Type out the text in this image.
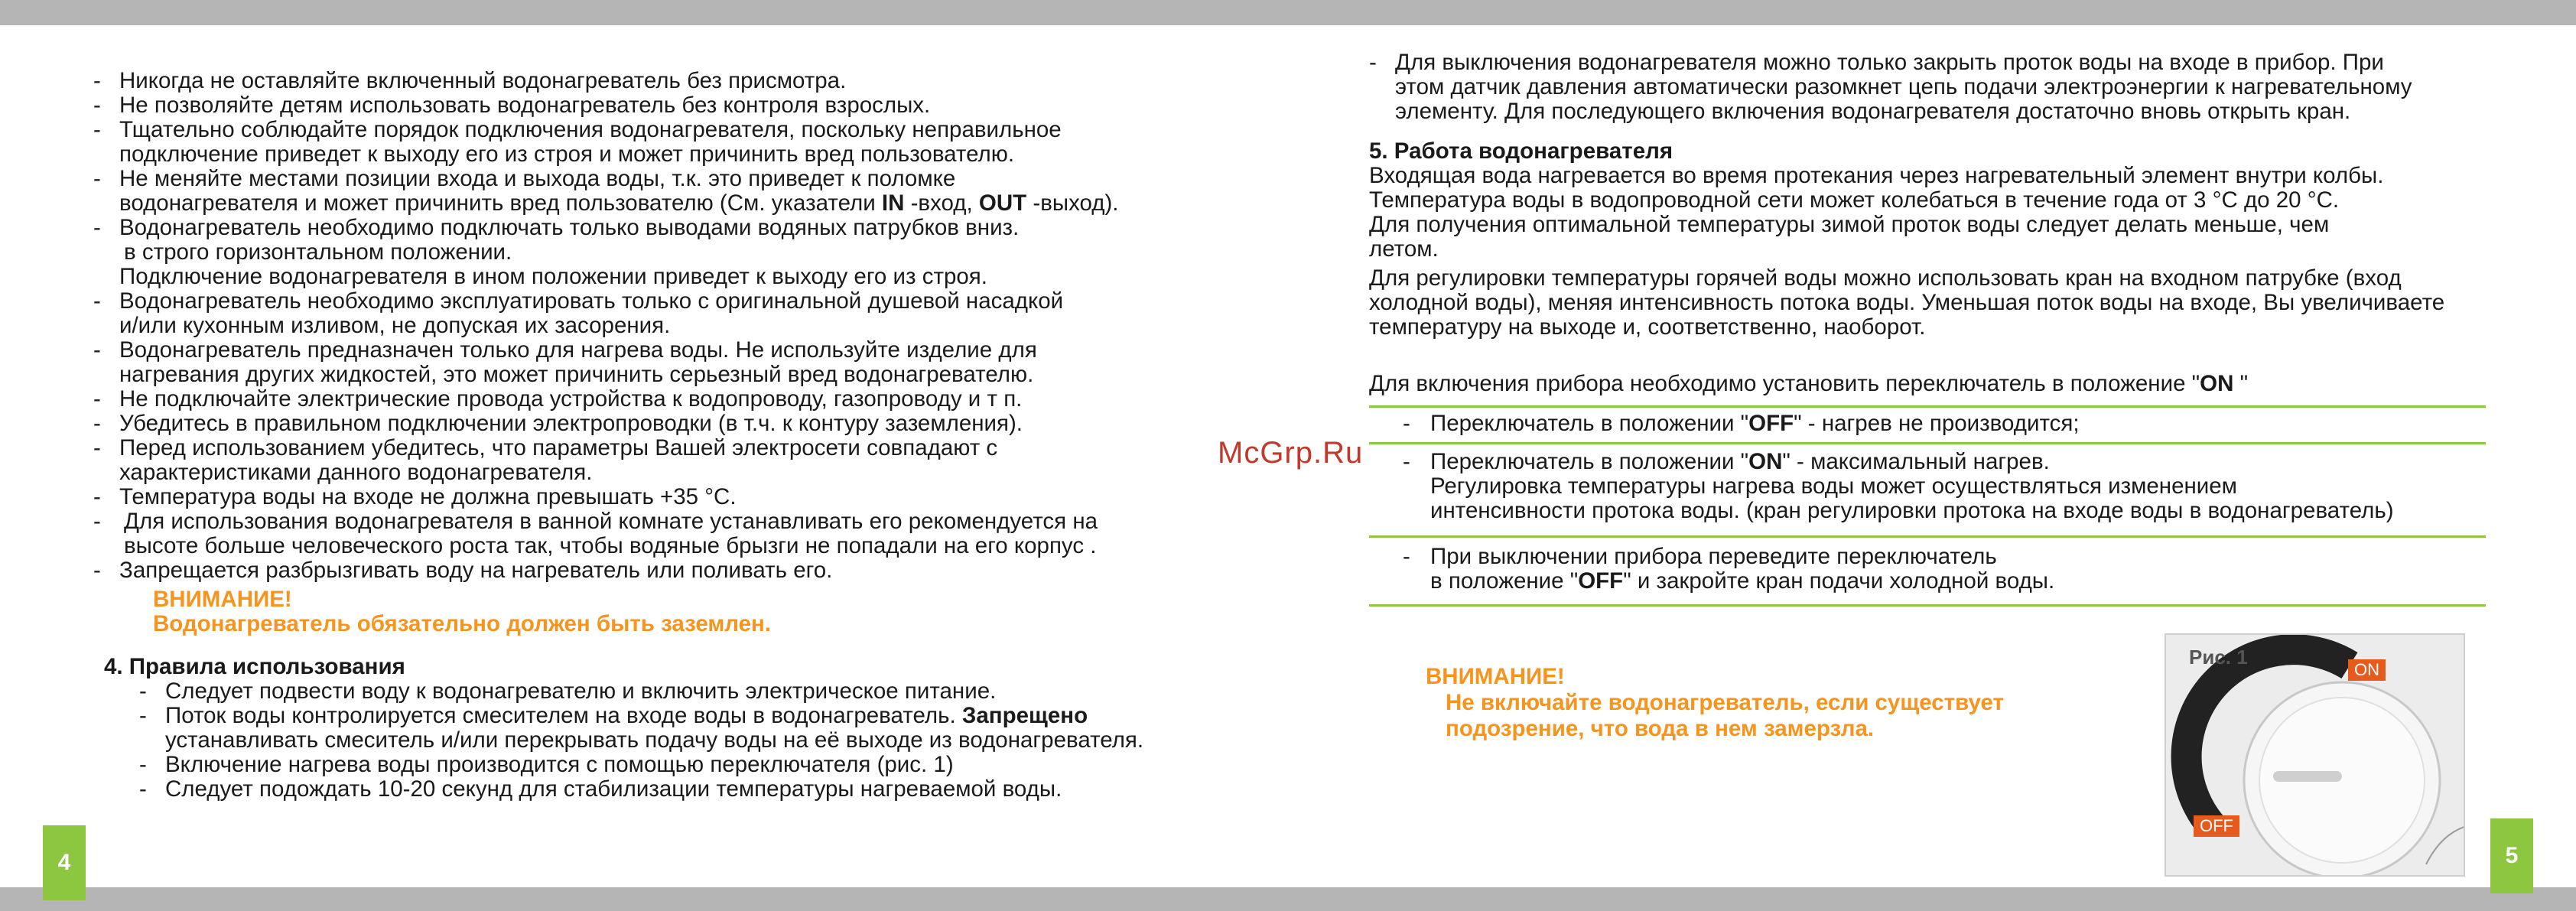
4	5
McGrp.Ru
- Никогда не оставляйте включенный водонагреватель без присмотра.
- Не позволяйте детям использовать водонагреватель без контроля взрослых.
- Тщательно соблюдайте порядок подключения водонагревателя, поскольку неправильное
подключение приведет к выходу его из строя и может причинить вред пользователю.
- Не меняйте местами позиции входа и выхода воды, т.к. это приведет к поломке
водонагревателя и может причинить вред пользователю (См. указатели IN -вход, OUT -выход).
- Водонагреватель необходимо подключать только выводами водяных патрубков вниз.
в строго горизонтальном положении.
Подключение водонагревателя в ином положении приведет к выходу его из строя.
- Водонагреватель необходимо эксплуатировать только с оригинальной душевой насадкой
и/или кухонным изливом, не допуская их засорения.
- Водонагреватель предназначен только для нагрева воды. Не используйте изделие для
нагревания других жидкостей, это может причинить серьезный вред водонагревателю.
- Не подключайте электрические провода устройства к водопроводу, газопроводу и т п.
- Убедитесь в правильном подключении электропроводки (в т.ч. к контуру заземления).
- Перед использованием убедитесь, что параметры Вашей электросети совпадают с
характеристиками данного водонагревателя.
- Температура воды на входе не должна превышать +35 °С.
- Для использования водонагревателя в ванной комнате устанавливать его рекомендуется на
высоте больше человеческого роста так, чтобы водяные брызги не попадали на его корпус .
- Запрещается разбрызгивать воду на нагреватель или поливать его.
ВНИМАНИЕ!
Водонагреватель обязательно должен быть заземлен.
4. Правила использования
- Следует подвести воду к водонагревателю и включить электрическое питание.
- Поток воды контролируется смесителем на входе воды в водонагреватель. Запрещено
устанавливать смеситель и/или перекрывать подачу воды на её выходе из водонагревателя.
- Включение нагрева воды производится с помощью переключателя (рис. 1)
- Следует подождать 10-20 секунд для стабилизации температуры нагреваемой воды.
- Для выключения водонагревателя можно только закрыть проток воды на входе в прибор. При
этом датчик давления автоматически разомкнет цепь подачи электроэнергии к нагревательному
элементу. Для последующего включения водонагревателя достаточно вновь открыть кран.
5. Работа водонагревателя
Входящая вода нагревается во время протекания через нагревательный элемент внутри колбы.
Температура воды в водопроводной сети может колебаться в течение года от 3 °С до 20 °С.
Для получения оптимальной температуры зимой проток воды следует делать меньше, чем
летом.
Для регулировки температуры горячей воды можно использовать кран на входном патрубке (вход
холодной воды), меняя интенсивность потока воды. Уменьшая поток воды на входе, Вы увеличиваете
температуру на выходе и, соответственно, наоборот.
Для включения прибора необходимо установить переключатель в положение "ON "
- Переключатель в положении "OFF" - нагрев не производится;
- Переключатель в положении "ON" - максимальный нагрев.
Регулировка температуры нагрева воды может осуществляться изменением
интенсивности протока воды. (кран регулировки протока на входе воды в водонагреватель)
- При выключении прибора переведите переключатель
в положение "OFF" и закройте кран подачи холодной воды.
ВНИМАНИЕ!
Не включайте водонагреватель, если существует
подозрение, что вода в нем замерзла.
Рис. 1
ON
OFF
